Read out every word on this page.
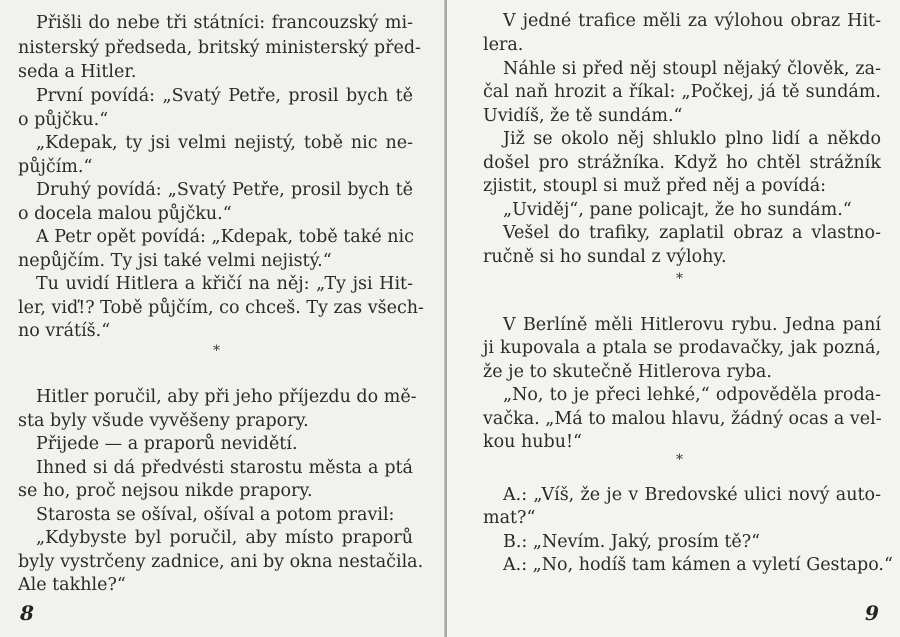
Přišli do nebe tři státníci: francouzský mi-
nisterský předseda, britský ministerský před-
seda a Hitler.
První povídá: „Svatý Petře, prosil bych tě
o půjčku.“
„Kdepak, ty jsi velmi nejistý, tobě nic ne-
půjčím.“
Druhý povídá: „Svatý Petře, prosil bych tě
o docela malou půjčku.“
A Petr opět povídá: „Kdepak, tobě také nic
nepůjčím. Ty jsi také velmi nejistý.“
Tu uvidí Hitlera a křičí na něj: „Ty jsi Hit-
ler, viď!? Tobě půjčím, co chceš. Ty zas všech-
no vrátíš.“
*
Hitler poručil, aby při jeho příjezdu do mě-
sta byly všude vyvěšeny prapory.
Přijede — a praporů nevidětí.
Ihned si dá předvésti starostu města a ptá
se ho, proč nejsou nikde prapory.
Starosta se ošíval, ošíval a potom pravil:
„Kdybyste byl poručil, aby místo praporů
byly vystrčeny zadnice, ani by okna nestačila.
Ale takhle?“
8
V jedné trafice měli za výlohou obraz Hit-
lera.
Náhle si před něj stoupl nějaký člověk, za-
čal naň hrozit a říkal: „Počkej, já tě sundám.
Uvidíš, že tě sundám.“
Již se okolo něj shluklo plno lidí a někdo
došel pro strážníka. Když ho chtěl strážník
zjistit, stoupl si muž před něj a povídá:
„Uviděj“, pane policajt, že ho sundám.“
Vešel do trafiky, zaplatil obraz a vlastno-
ručně si ho sundal z výlohy.
*
V Berlíně měli Hitlerovu rybu. Jedna paní
ji kupovala a ptala se prodavačky, jak pozná,
že je to skutečně Hitlerova ryba.
„No, to je přeci lehké,“ odpověděla proda-
vačka. „Má to malou hlavu, žádný ocas a vel-
kou hubu!“
*
A.: „Víš, že je v Bredovské ulici nový auto-
mat?“
B.: „Nevím. Jaký, prosím tě?“
A.: „No, hodíš tam kámen a vyletí Gestapo.“
9
